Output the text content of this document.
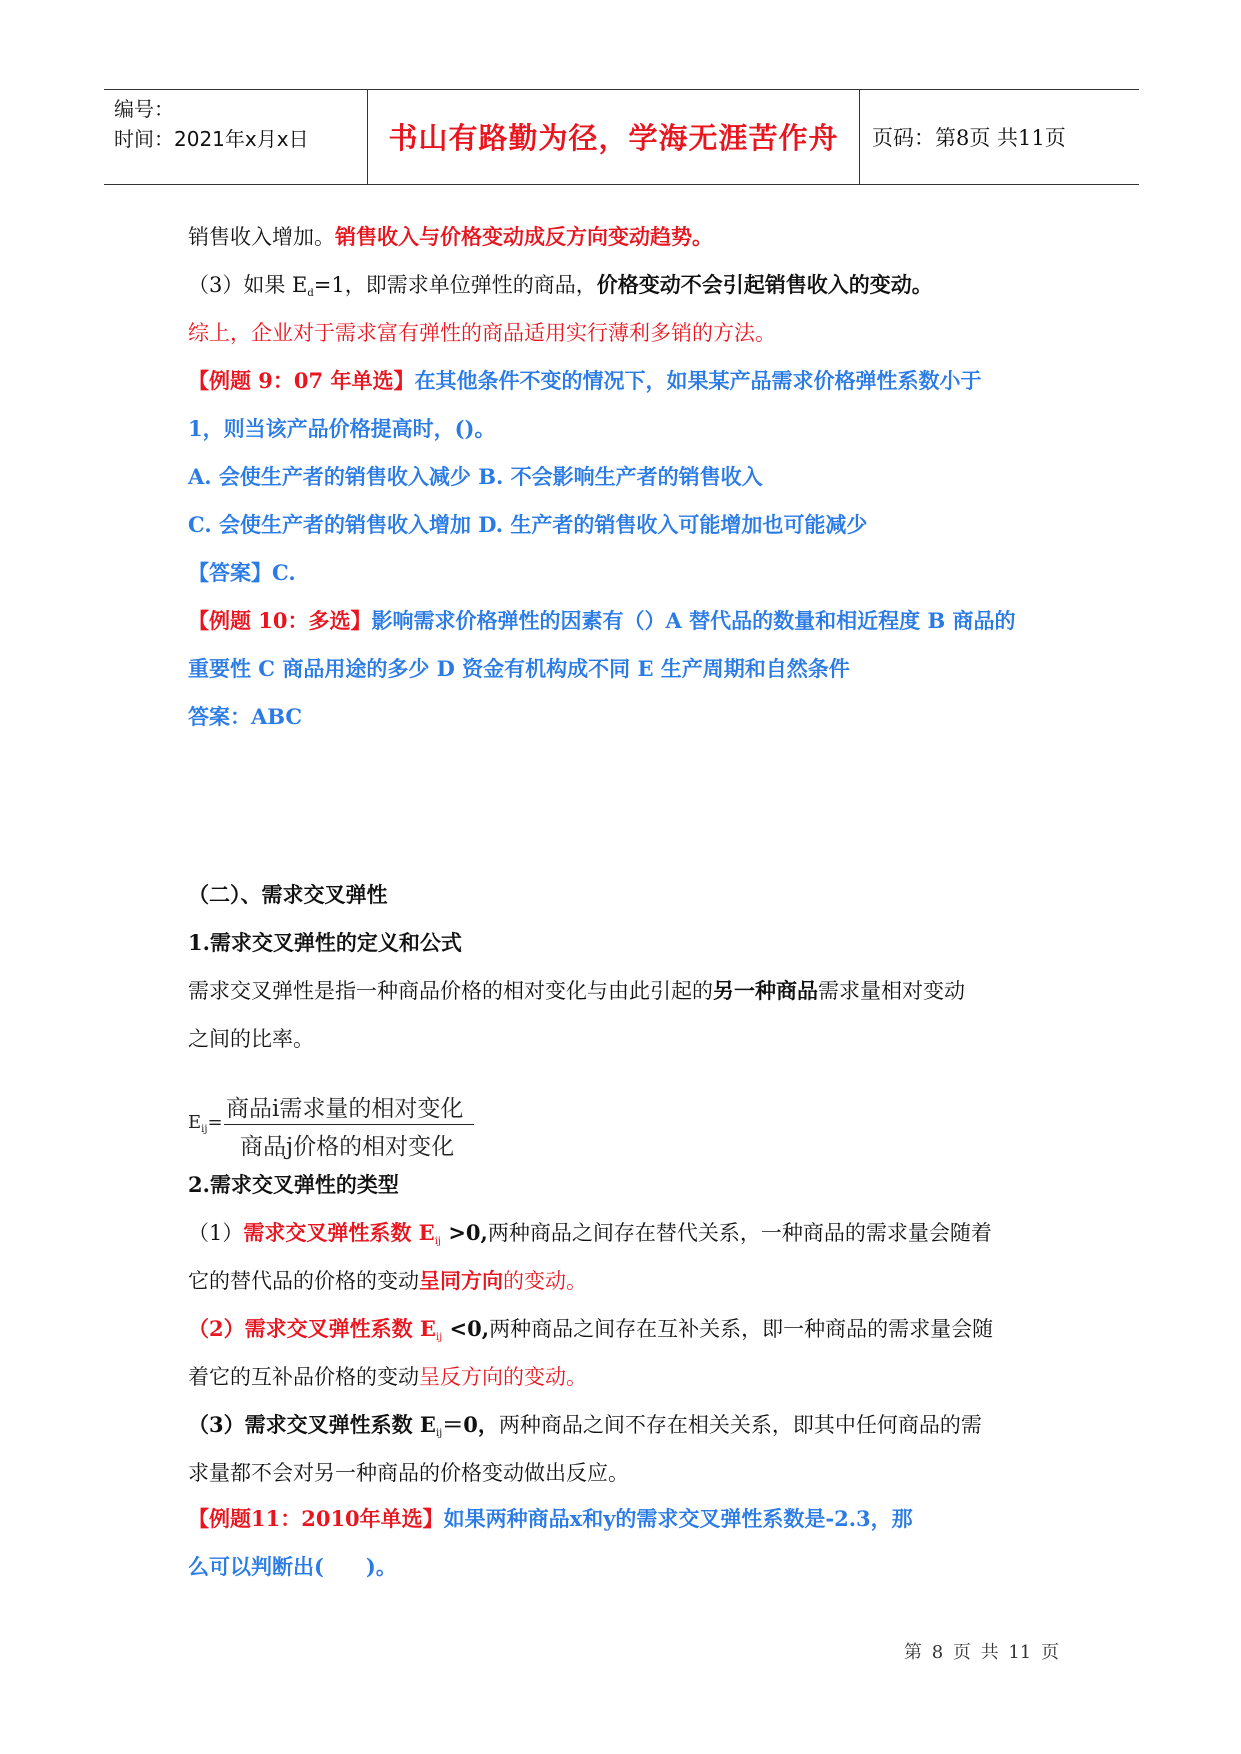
编号：
时间：2021年x月x日	书山有路勤为径，学海无涯苦作舟	页码：第8页 共11页
销售收入增加。销售收入与价格变动成反方向变动趋势。
（3）如果 $E_d=1$，即需求单位弹性的商品，价格变动不会引起销售收入的变动。
综上，企业对于需求富有弹性的商品适用实行薄利多销的方法。
【例题 9：07 年单选】在其他条件不变的情况下，如果某产品需求价格弹性系数小于
1，则当该产品价格提高时，()。
A. 会使生产者的销售收入减少 B. 不会影响生产者的销售收入
C. 会使生产者的销售收入增加 D. 生产者的销售收入可能增加也可能减少
【答案】C.
【例题 10：多选】影响需求价格弹性的因素有（）A 替代品的数量和相近程度 B 商品的
重要性 C 商品用途的多少 D 资金有机构成不同 E 生产周期和自然条件
答案：ABC
（二）、需求交叉弹性
1.需求交叉弹性的定义和公式
需求交叉弹性是指一种商品价格的相对变化与由此引起的另一种商品需求量相对变动
之间的比率。
$E_{ij}=$
商品i需求量的相对变化
商品j价格的相对变化
2.需求交叉弹性的类型
（1）需求交叉弹性系数 $E_{ij} >0$,两种商品之间存在替代关系，一种商品的需求量会随着
它的替代品的价格的变动呈同方向的变动。
（2）需求交叉弹性系数 $E_{ij} <0$,两种商品之间存在互补关系，即一种商品的需求量会随
着它的互补品价格的变动呈反方向的变动。
（3）需求交叉弹性系数 $E_{ij}=0$，两种商品之间不存在相关关系，即其中任何商品的需
求量都不会对另一种商品的价格变动做出反应。
【例题11：2010年单选】如果两种商品x和y的需求交叉弹性系数是-2.3，那
么可以判断出(　　)。
第 8 页 共 11 页
